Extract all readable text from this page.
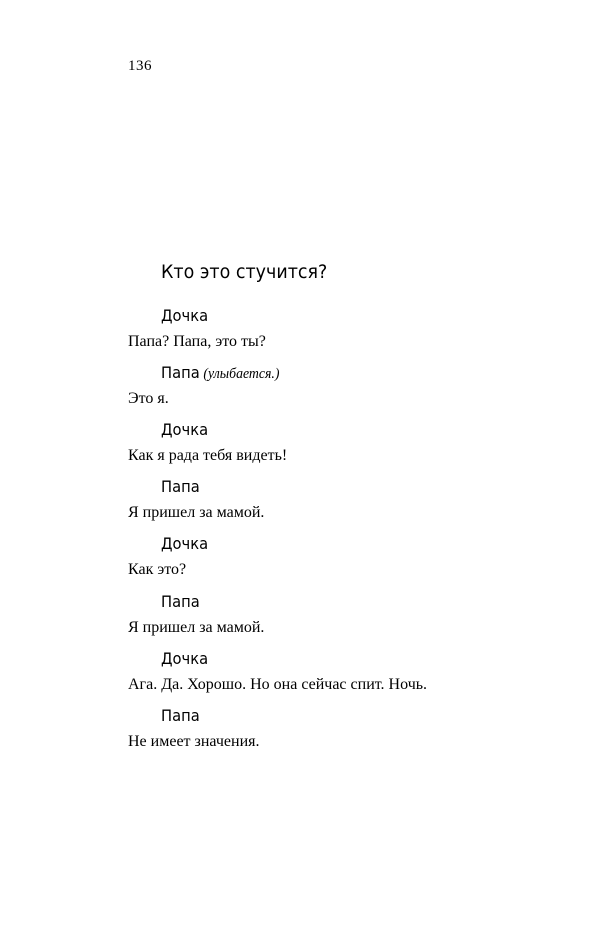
136
Кто это стучится?
Дочка
Папа? Папа, это ты?
Папа (улыбается.)
Это я.
Дочка
Как я рада тебя видеть!
Папа
Я пришел за мамой.
Дочка
Как это?
Папа
Я пришел за мамой.
Дочка
Ага. Да. Хорошо. Но она сейчас спит. Ночь.
Папа
Не имеет значения.
